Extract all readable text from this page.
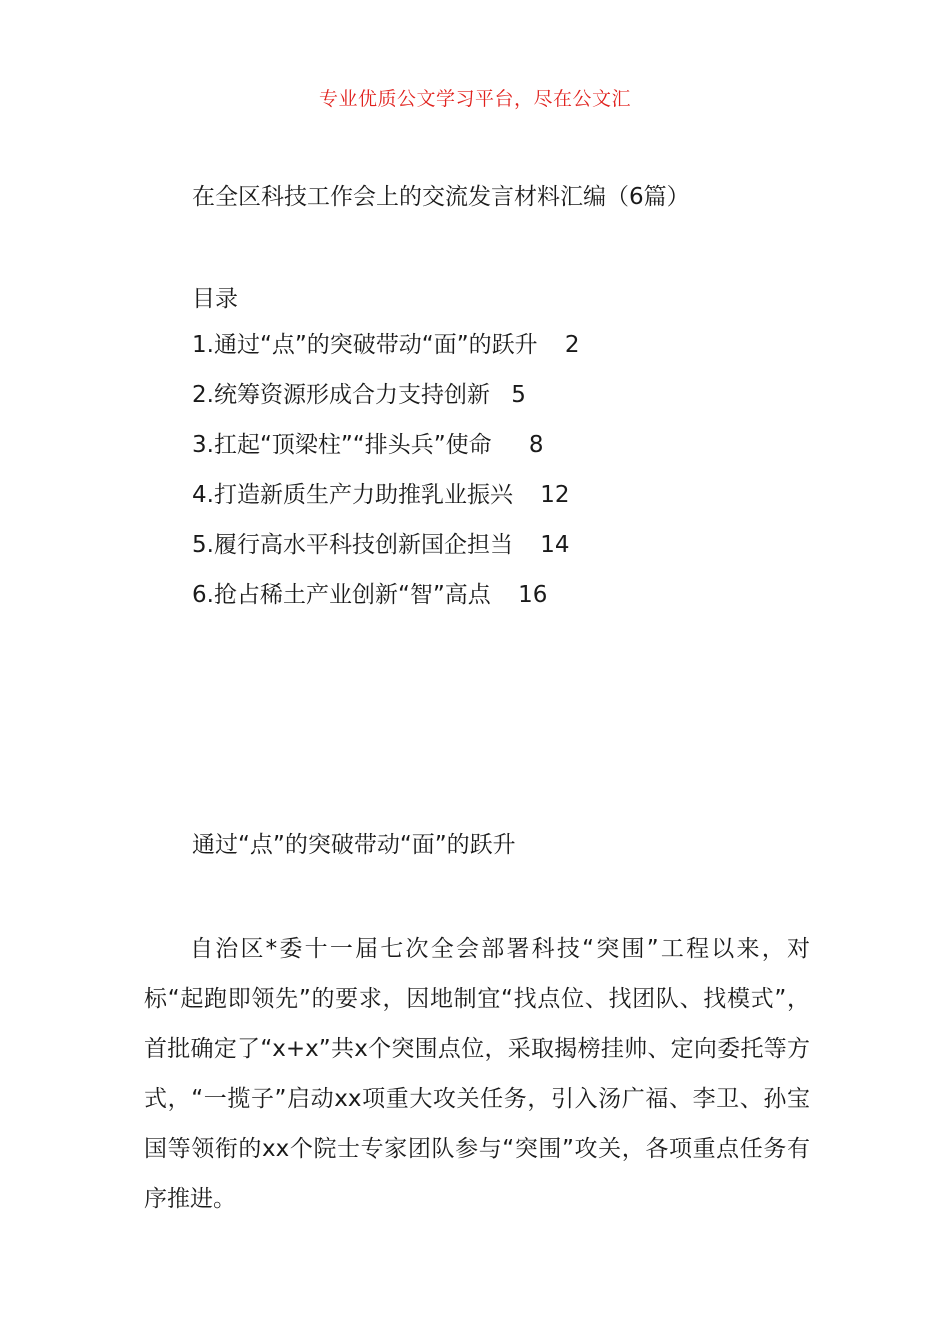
专业优质公文学习平台，尽在公文汇
在全区科技工作会上的交流发言材料汇编（6篇）
目录
1.通过“点”的突破带动“面”的跃升 2
2.统筹资源形成合力支持创新 5
3.扛起“顶梁柱”“排头兵”使命 8
4.打造新质生产力助推乳业振兴 12
5.履行高水平科技创新国企担当 14
6.抢占稀土产业创新“智”高点 16
通过“点”的突破带动“面”的跃升

自治区*委十一届七次全会部署科技“突围”工程以来，对标“起跑即领先”的要求，因地制宜“找点位、找团队、找模式”，首批确定了“x+x”共x个突围点位，采取揭榜挂帅、定向委托等方式，“一揽子”启动xx项重大攻关任务，引入汤广福、李卫、孙宝国等领衔的xx个院士专家团队参与“突围”攻关，各项重点任务有序推进。
